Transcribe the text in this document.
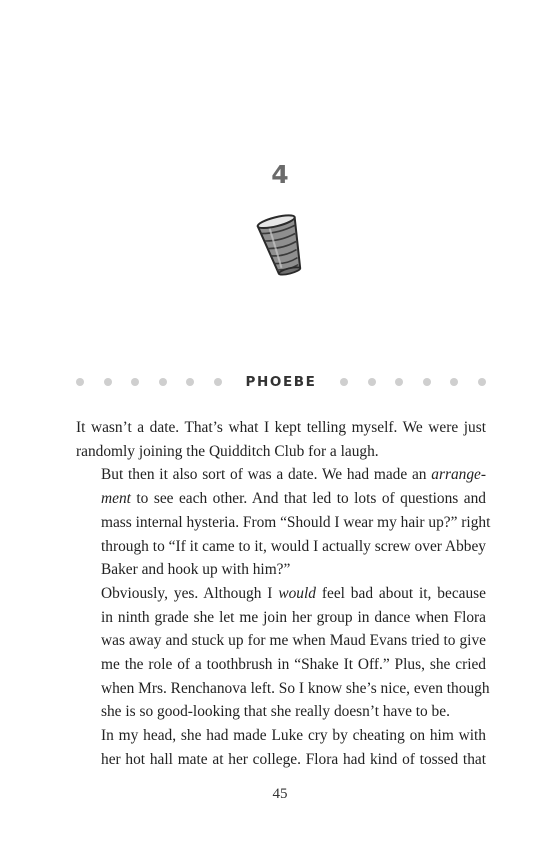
4
PHOEBE

It wasn’t a date. That’s what I kept telling myself. We were just
randomly joining the Quidditch Club for a laugh.

But then it also sort of was a date. We had made an arrange-
ment to see each other. And that led to lots of questions and
mass internal hysteria. From “Should I wear my hair up?” right
through to “If it came to it, would I actually screw over Abbey
Baker and hook up with him?”

Obviously, yes. Although I would feel bad about it, because
in ninth grade she let me join her group in dance when Flora
was away and stuck up for me when Maud Evans tried to give
me the role of a toothbrush in “Shake It Off.” Plus, she cried
when Mrs. Renchanova left. So I know she’s nice, even though
she is so good-looking that she really doesn’t have to be.

In my head, she had made Luke cry by cheating on him with
her hot hall mate at her college. Flora had kind of tossed that

45
